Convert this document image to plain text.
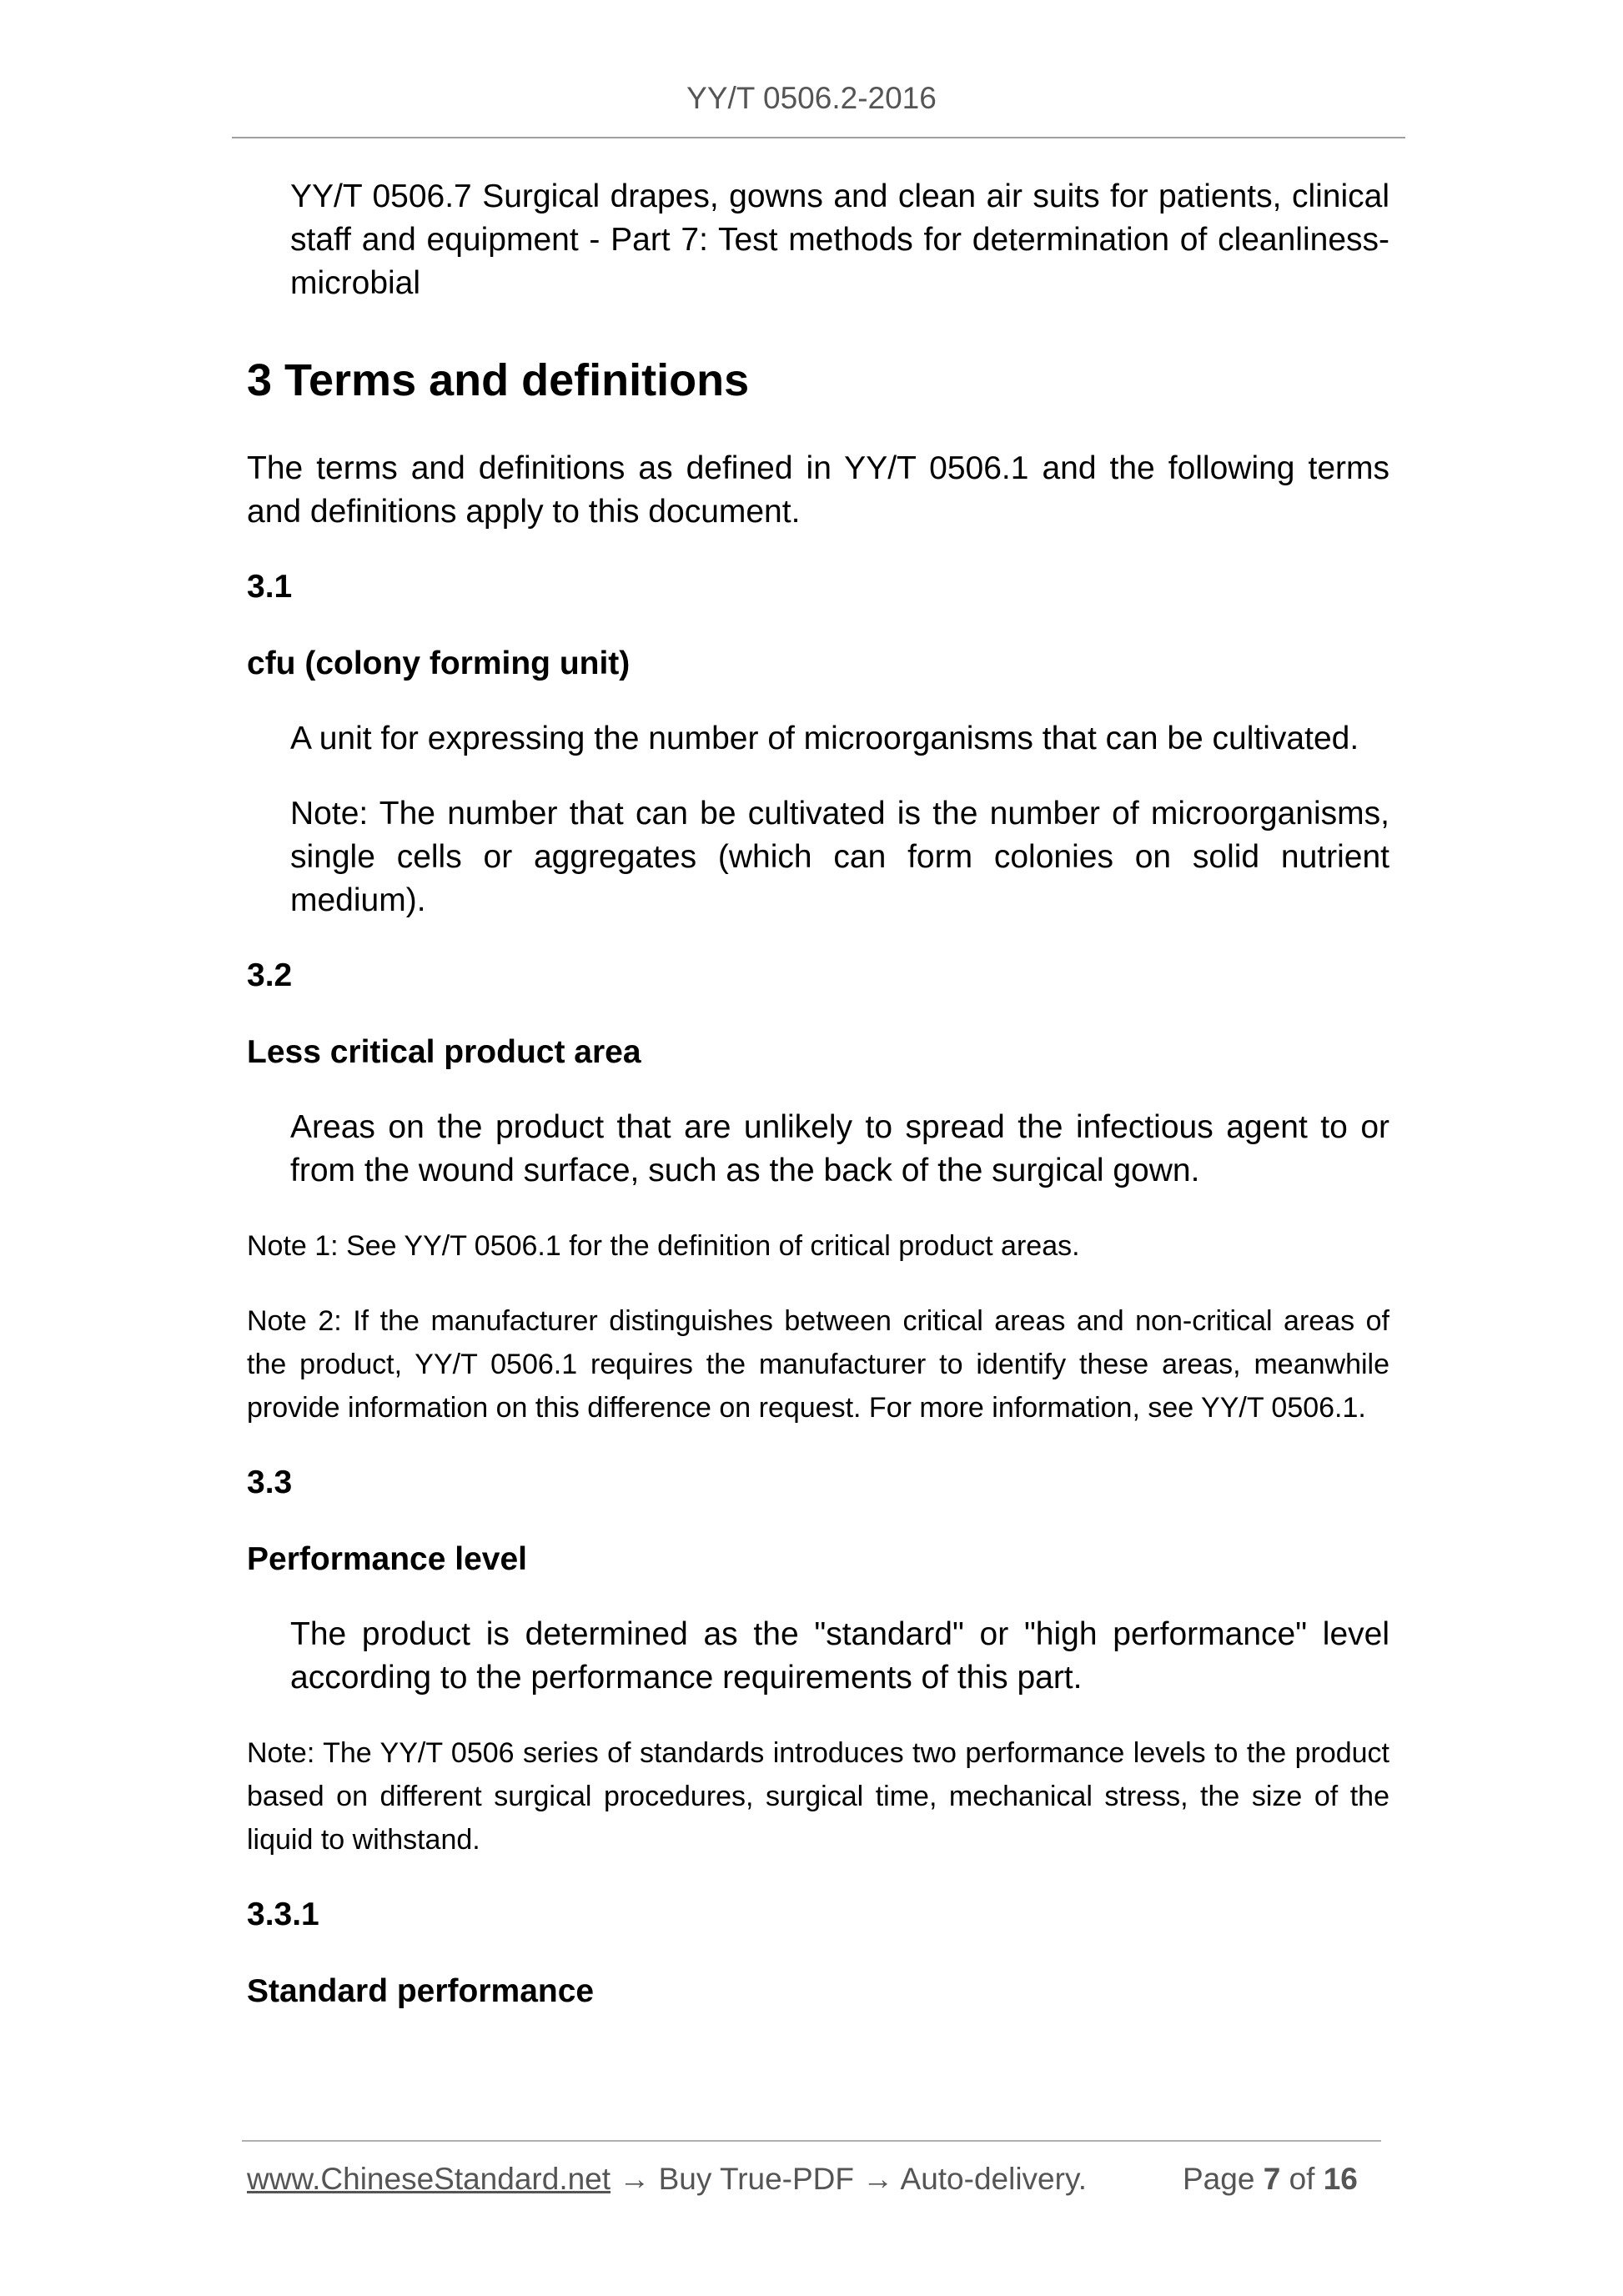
YY/T 0506.2-2016

YY/T 0506.7 Surgical drapes, gowns and clean air suits for patients, clinical staff and equipment - Part 7: Test methods for determination of cleanliness-microbial

3 Terms and definitions

The terms and definitions as defined in YY/T 0506.1 and the following terms and definitions apply to this document.

3.1

cfu (colony forming unit)

A unit for expressing the number of microorganisms that can be cultivated.

Note: The number that can be cultivated is the number of microorganisms, single cells or aggregates (which can form colonies on solid nutrient medium).

3.2

Less critical product area

Areas on the product that are unlikely to spread the infectious agent to or from the wound surface, such as the back of the surgical gown.

Note 1: See YY/T 0506.1 for the definition of critical product areas.

Note 2: If the manufacturer distinguishes between critical areas and non-critical areas of the product, YY/T 0506.1 requires the manufacturer to identify these areas, meanwhile provide information on this difference on request. For more information, see YY/T 0506.1.

3.3

Performance level

The product is determined as the "standard" or "high performance" level according to the performance requirements of this part.

Note: The YY/T 0506 series of standards introduces two performance levels to the product based on different surgical procedures, surgical time, mechanical stress, the size of the liquid to withstand.

3.3.1

Standard performance

www.ChineseStandard.net → Buy True-PDF → Auto-delivery.	Page 7 of 16
